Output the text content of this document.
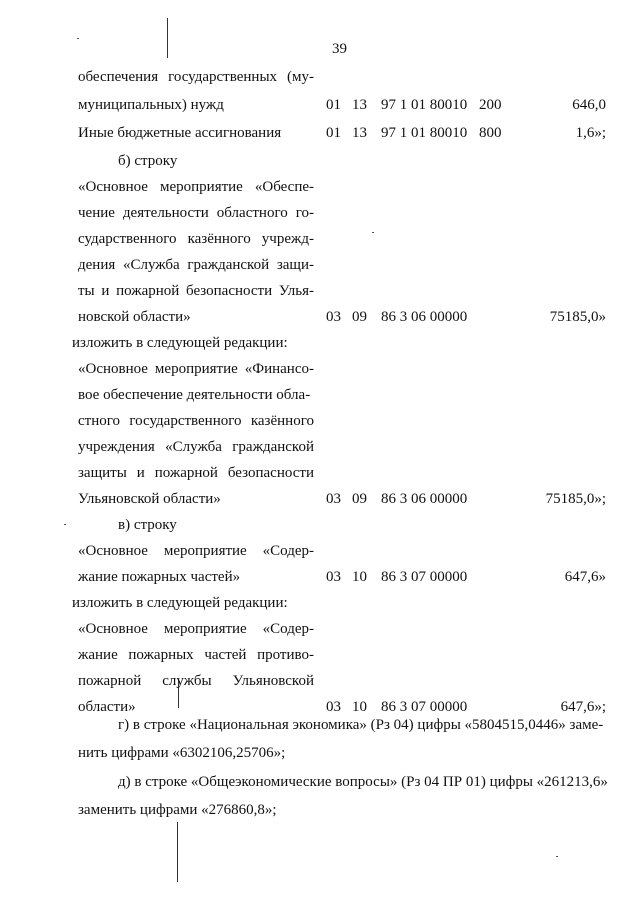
39
обеспечения государственных (му-
муниципальных) нужд	01 13 97 1 01 80010 200	646,0
Иные бюджетные ассигнования	01 13 97 1 01 80010 800	1,6»;
б) строку
«Основное мероприятие «Обеспе-
чение деятельности областного го-
сударственного казённого учрежд-
дения «Служба гражданской защи-
ты и пожарной безопасности Улья-
новской области»	03 09 86 3 06 00000	75185,0»
изложить в следующей редакции:
«Основное мероприятие «Финансо-
вое обеспечение деятельности обла-
стного государственного казённого
учреждения «Служба гражданской
защиты и пожарной безопасности
Ульяновской области»	03 09 86 3 06 00000	75185,0»;
в) строку
«Основное мероприятие «Содер-
жание пожарных частей»	03 10 86 3 07 00000	647,6»
изложить в следующей редакции:
«Основное мероприятие «Содер-
жание пожарных частей противо-
пожарной службы Ульяновской
области»	03 10 86 3 07 00000	647,6»;
г) в строке «Национальная экономика» (Рз 04) цифры «5804515,0446» заме-
нить цифрами «6302106,25706»;
д) в строке «Общеэкономические вопросы» (Рз 04 ПР 01) цифры «261213,6»
заменить цифрами «276860,8»;
